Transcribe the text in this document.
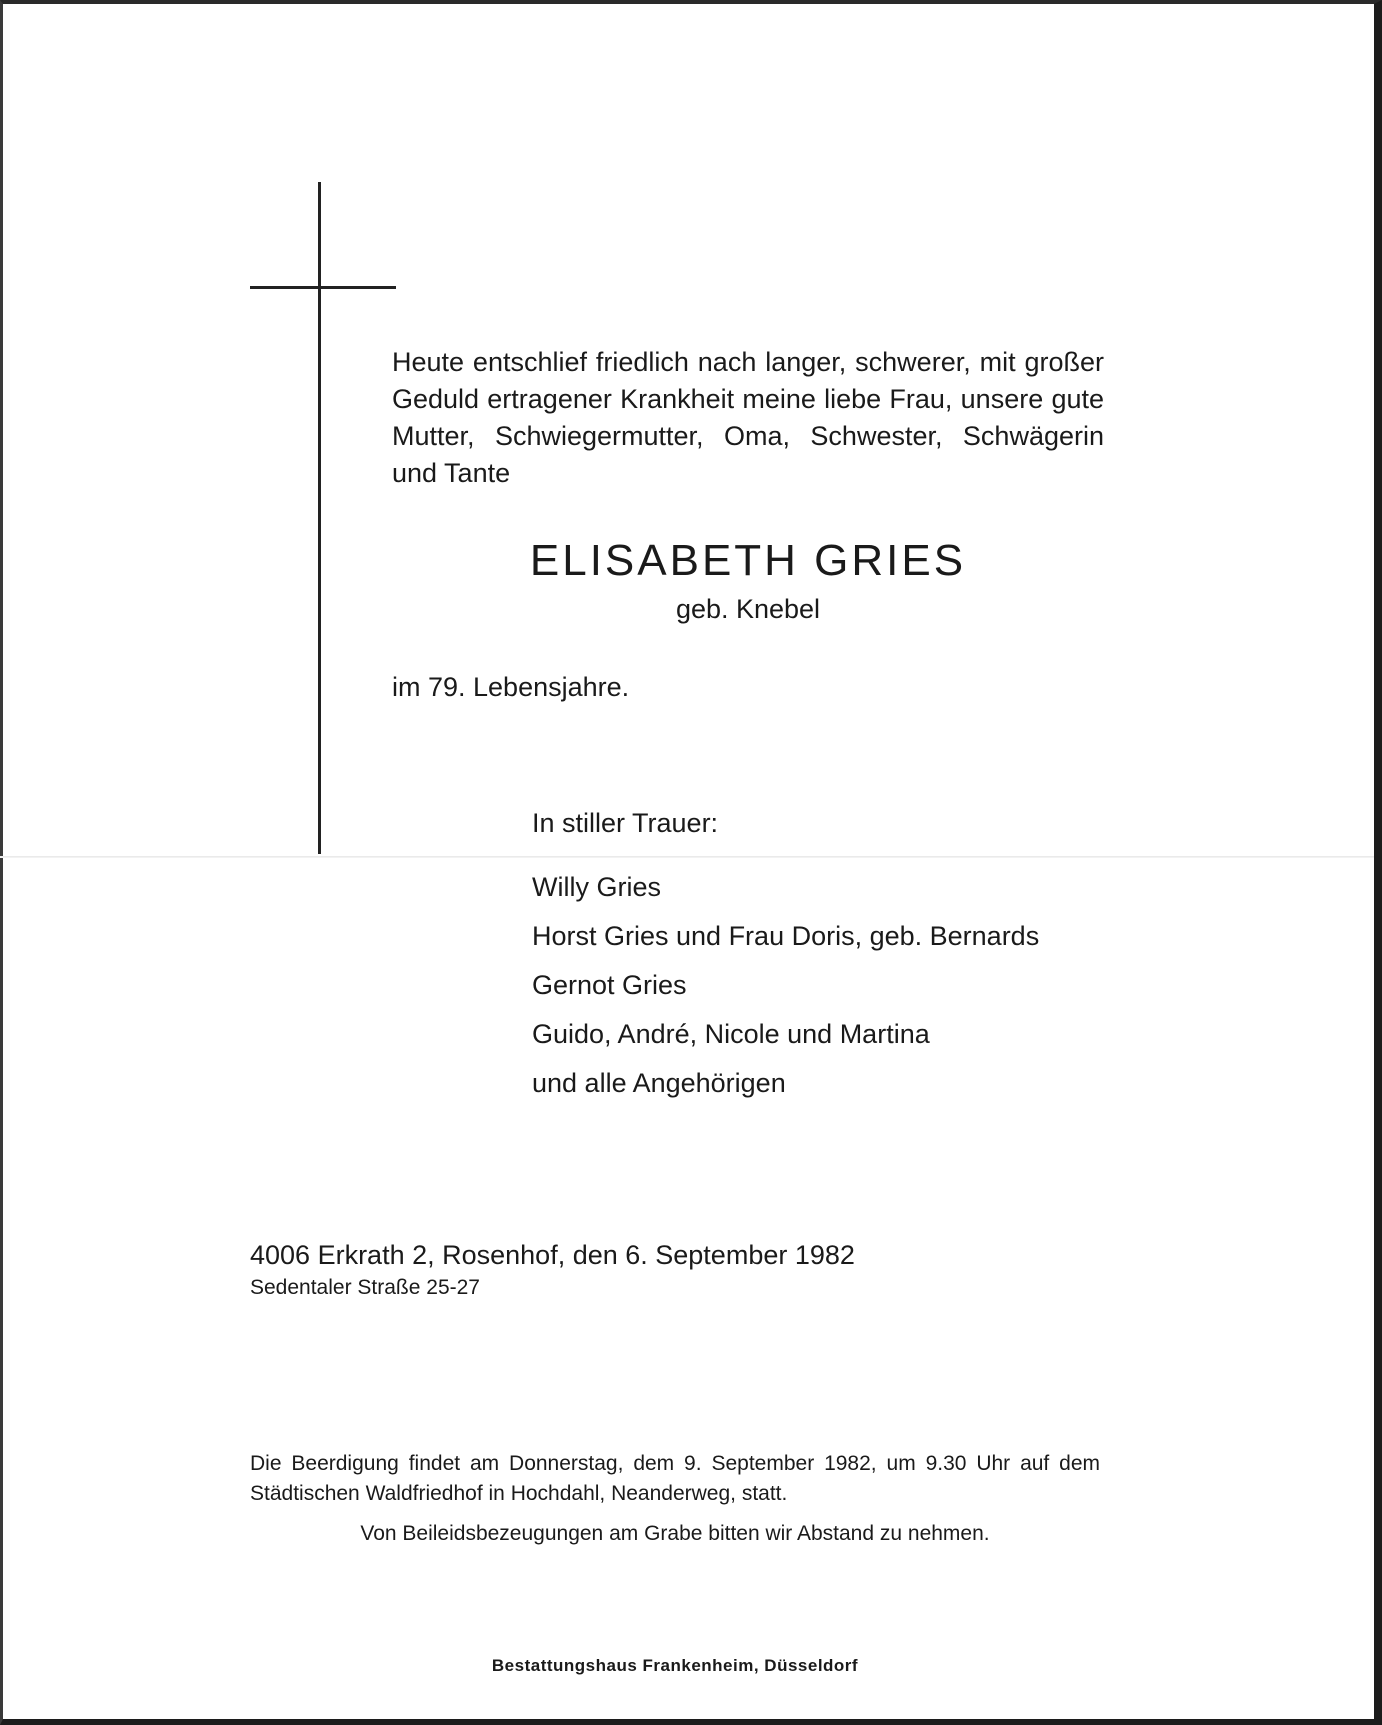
Heute entschlief friedlich nach langer, schwerer, mit großer Geduld ertragener Krankheit meine liebe Frau, unsere gute Mutter, Schwiegermutter, Oma, Schwester, Schwägerin und Tante

ELISABETH GRIES

geb. Knebel

im 79. Lebensjahre.

In stiller Trauer:

Willy Gries
Horst Gries und Frau Doris, geb. Bernards
Gernot Gries
Guido, André, Nicole und Martina
und alle Angehörigen

4006 Erkrath 2, Rosenhof, den 6. September 1982

Sedentaler Straße 25-27

Die Beerdigung findet am Donnerstag, dem 9. September 1982, um 9.30 Uhr auf dem Städtischen Waldfriedhof in Hochdahl, Neanderweg, statt.

Von Beileidsbezeugungen am Grabe bitten wir Abstand zu nehmen.

Bestattungshaus Frankenheim, Düsseldorf
